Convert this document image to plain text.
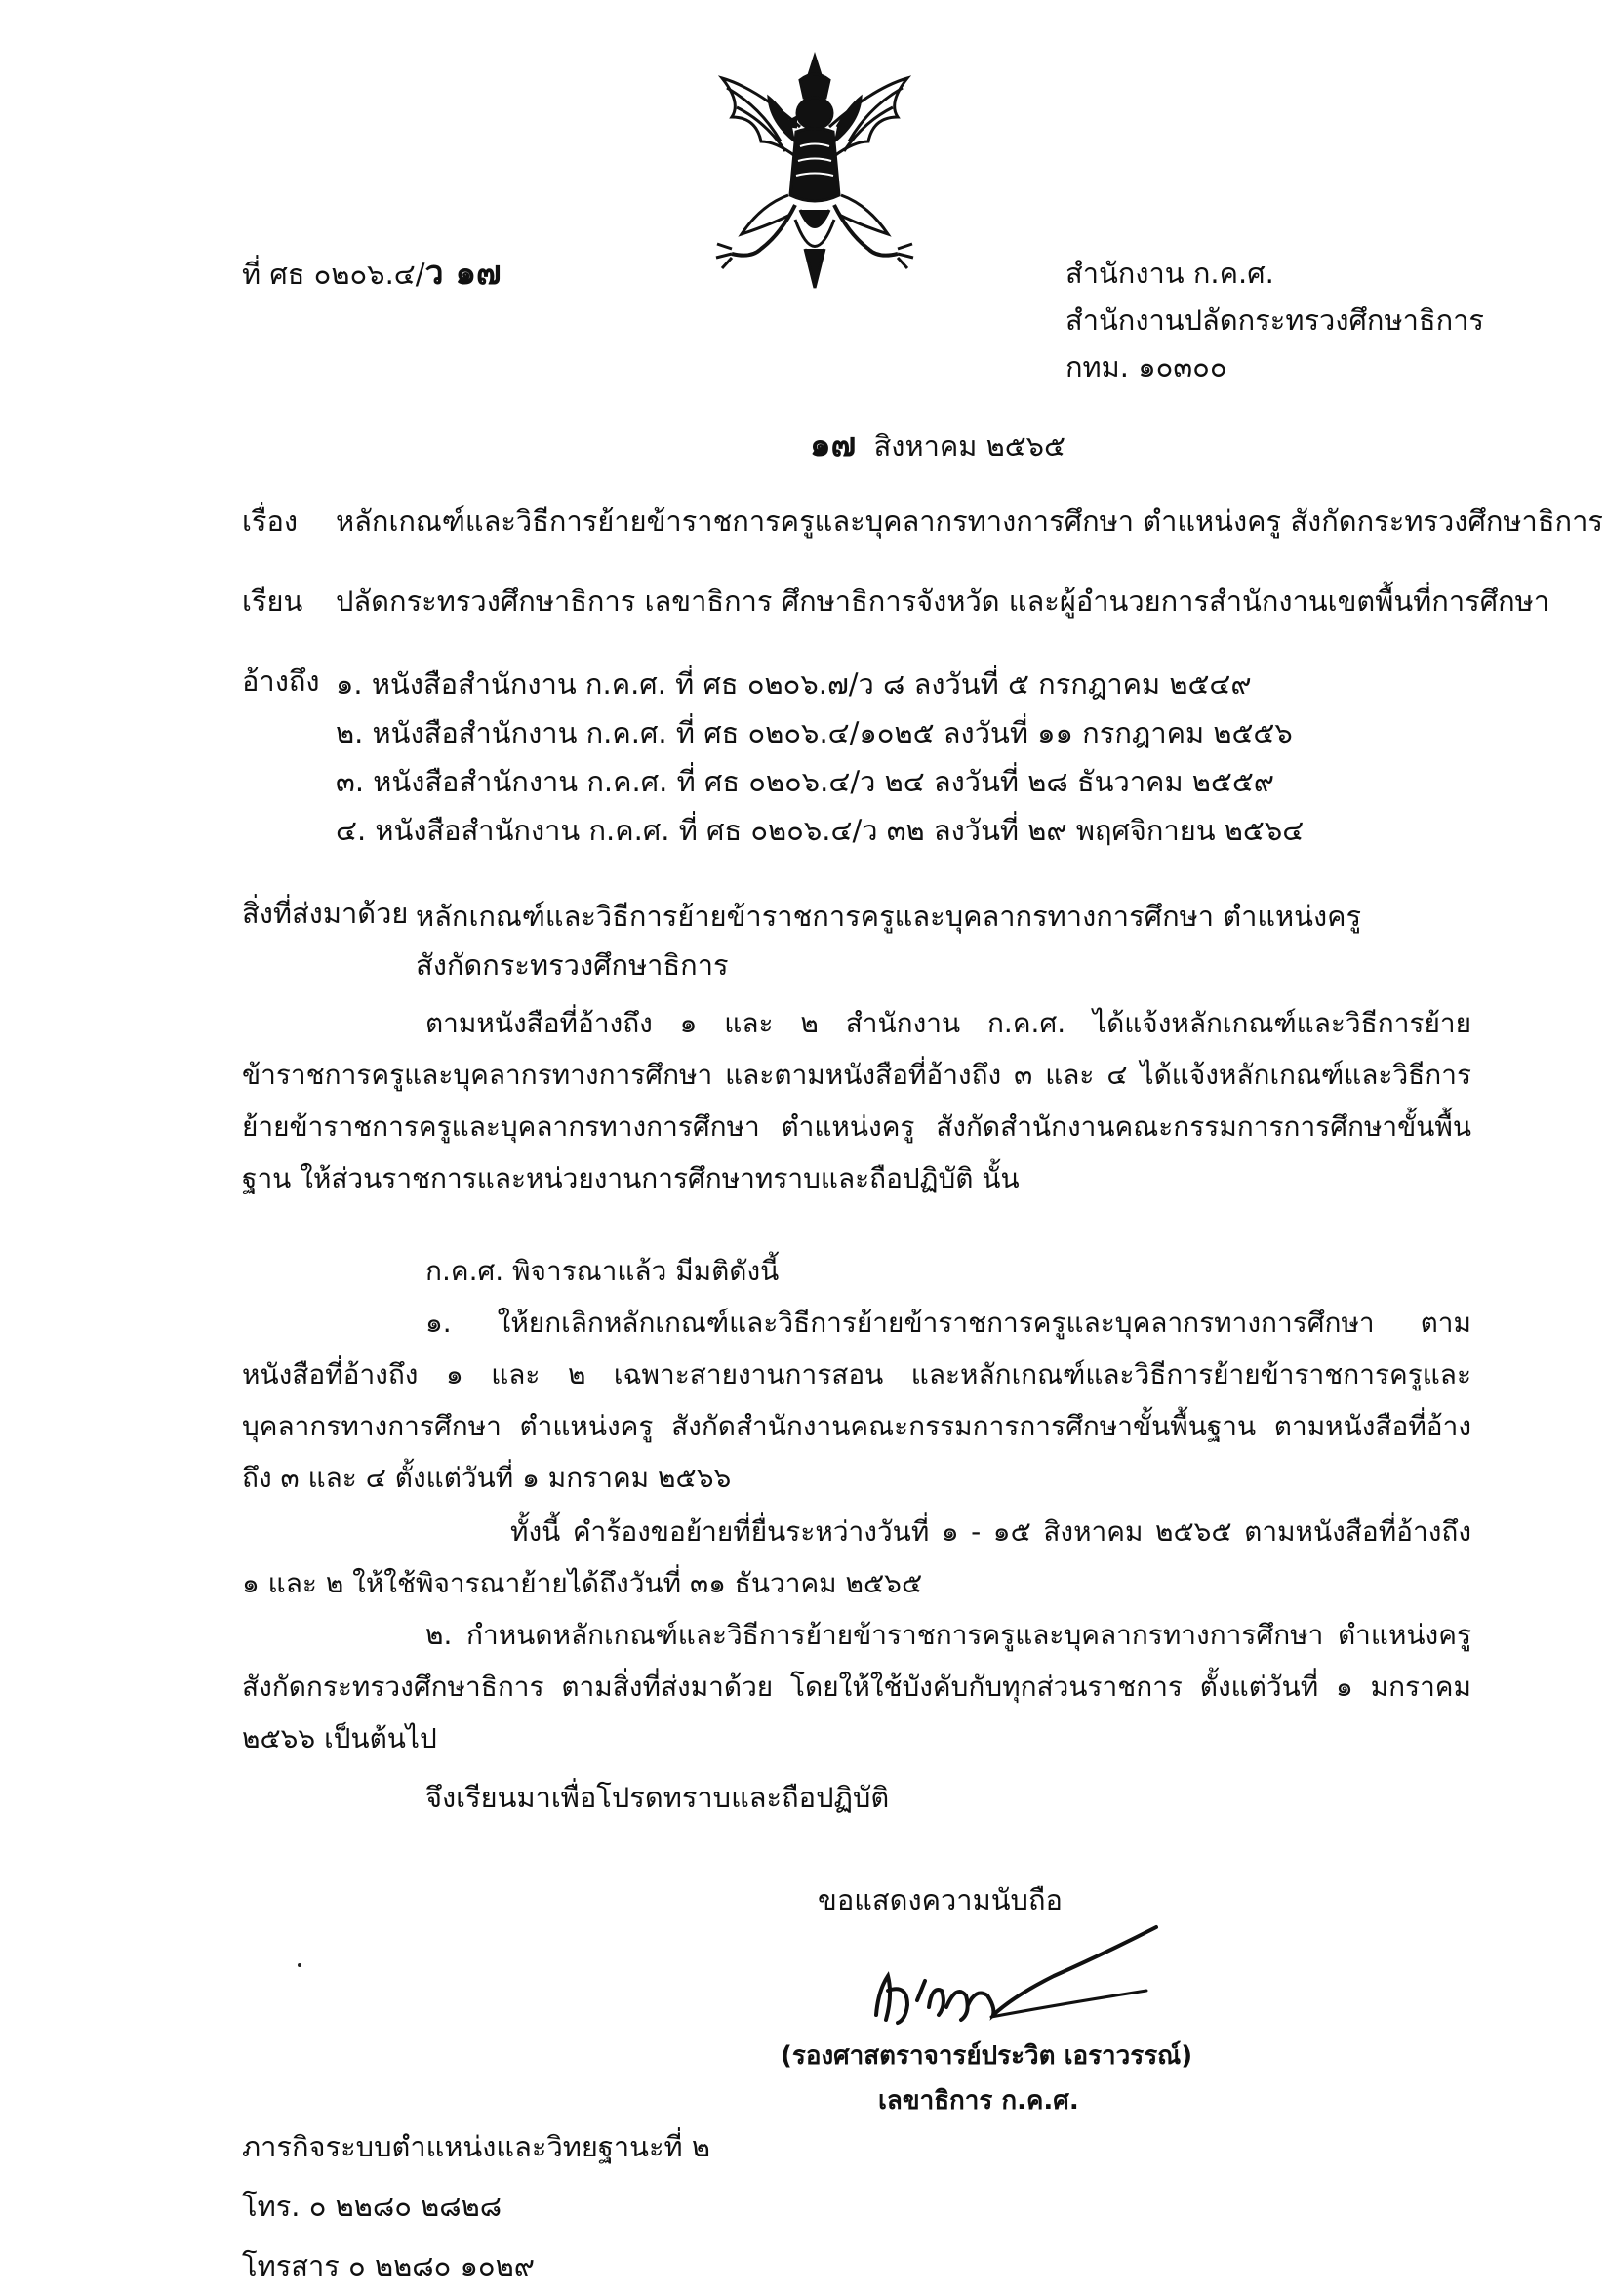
ที่ ศธ ๐๒๐๖.๔/ว ๑๗	สำนักงาน ก.ค.ศ.
สำนักงานปลัดกระทรวงศึกษาธิการ
กทม. ๑๐๓๐๐
๑๗ สิงหาคม ๒๕๖๕
เรื่อง หลักเกณฑ์และวิธีการย้ายข้าราชการครูและบุคลากรทางการศึกษา ตำแหน่งครู สังกัดกระทรวงศึกษาธิการ
เรียน ปลัดกระทรวงศึกษาธิการ เลขาธิการ ศึกษาธิการจังหวัด และผู้อำนวยการสำนักงานเขตพื้นที่การศึกษา
อ้างถึง ๑. หนังสือสำนักงาน ก.ค.ศ. ที่ ศธ ๐๒๐๖.๗/ว ๘ ลงวันที่ ๕ กรกฎาคม ๒๕๔๙
๒. หนังสือสำนักงาน ก.ค.ศ. ที่ ศธ ๐๒๐๖.๔/๑๐๒๕ ลงวันที่ ๑๑ กรกฎาคม ๒๕๕๖
๓. หนังสือสำนักงาน ก.ค.ศ. ที่ ศธ ๐๒๐๖.๔/ว ๒๔ ลงวันที่ ๒๘ ธันวาคม ๒๕๕๙
๔. หนังสือสำนักงาน ก.ค.ศ. ที่ ศธ ๐๒๐๖.๔/ว ๓๒ ลงวันที่ ๒๙ พฤศจิกายน ๒๕๖๔
สิ่งที่ส่งมาด้วย หลักเกณฑ์และวิธีการย้ายข้าราชการครูและบุคลากรทางการศึกษา ตำแหน่งครู
สังกัดกระทรวงศึกษาธิการ

ตามหนังสือที่อ้างถึง ๑ และ ๒ สำนักงาน ก.ค.ศ. ได้แจ้งหลักเกณฑ์และวิธีการย้ายข้าราชการครูและบุคลากรทางการศึกษา และตามหนังสือที่อ้างถึง ๓ และ ๔ ได้แจ้งหลักเกณฑ์และวิธีการย้ายข้าราชการครูและบุคลากรทางการศึกษา ตำแหน่งครู สังกัดสำนักงานคณะกรรมการการศึกษาขั้นพื้นฐาน ให้ส่วนราชการและหน่วยงานการศึกษาทราบและถือปฏิบัติ นั้น

ก.ค.ศ. พิจารณาแล้ว มีมติดังนี้

๑. ให้ยกเลิกหลักเกณฑ์และวิธีการย้ายข้าราชการครูและบุคลากรทางการศึกษา ตามหนังสือที่อ้างถึง ๑ และ ๒ เฉพาะสายงานการสอน และหลักเกณฑ์และวิธีการย้ายข้าราชการครูและบุคลากรทางการศึกษา ตำแหน่งครู สังกัดสำนักงานคณะกรรมการการศึกษาขั้นพื้นฐาน ตามหนังสือที่อ้างถึง ๓ และ ๔ ตั้งแต่วันที่ ๑ มกราคม ๒๕๖๖

ทั้งนี้ คำร้องขอย้ายที่ยื่นระหว่างวันที่ ๑ - ๑๕ สิงหาคม ๒๕๖๕ ตามหนังสือที่อ้างถึง ๑ และ ๒ ให้ใช้พิจารณาย้ายได้ถึงวันที่ ๓๑ ธันวาคม ๒๕๖๕

๒. กำหนดหลักเกณฑ์และวิธีการย้ายข้าราชการครูและบุคลากรทางการศึกษา ตำแหน่งครู สังกัดกระทรวงศึกษาธิการ ตามสิ่งที่ส่งมาด้วย โดยให้ใช้บังคับกับทุกส่วนราชการ ตั้งแต่วันที่ ๑ มกราคม ๒๕๖๖ เป็นต้นไป

จึงเรียนมาเพื่อโปรดทราบและถือปฏิบัติ
ขอแสดงความนับถือ
(รองศาสตราจารย์ประวิต เอราวรรณ์)
เลขาธิการ ก.ค.ศ.
ภารกิจระบบตำแหน่งและวิทยฐานะที่ ๒
โทร. ๐ ๒๒๘๐ ๒๘๒๘
โทรสาร ๐ ๒๒๘๐ ๑๐๒๙
